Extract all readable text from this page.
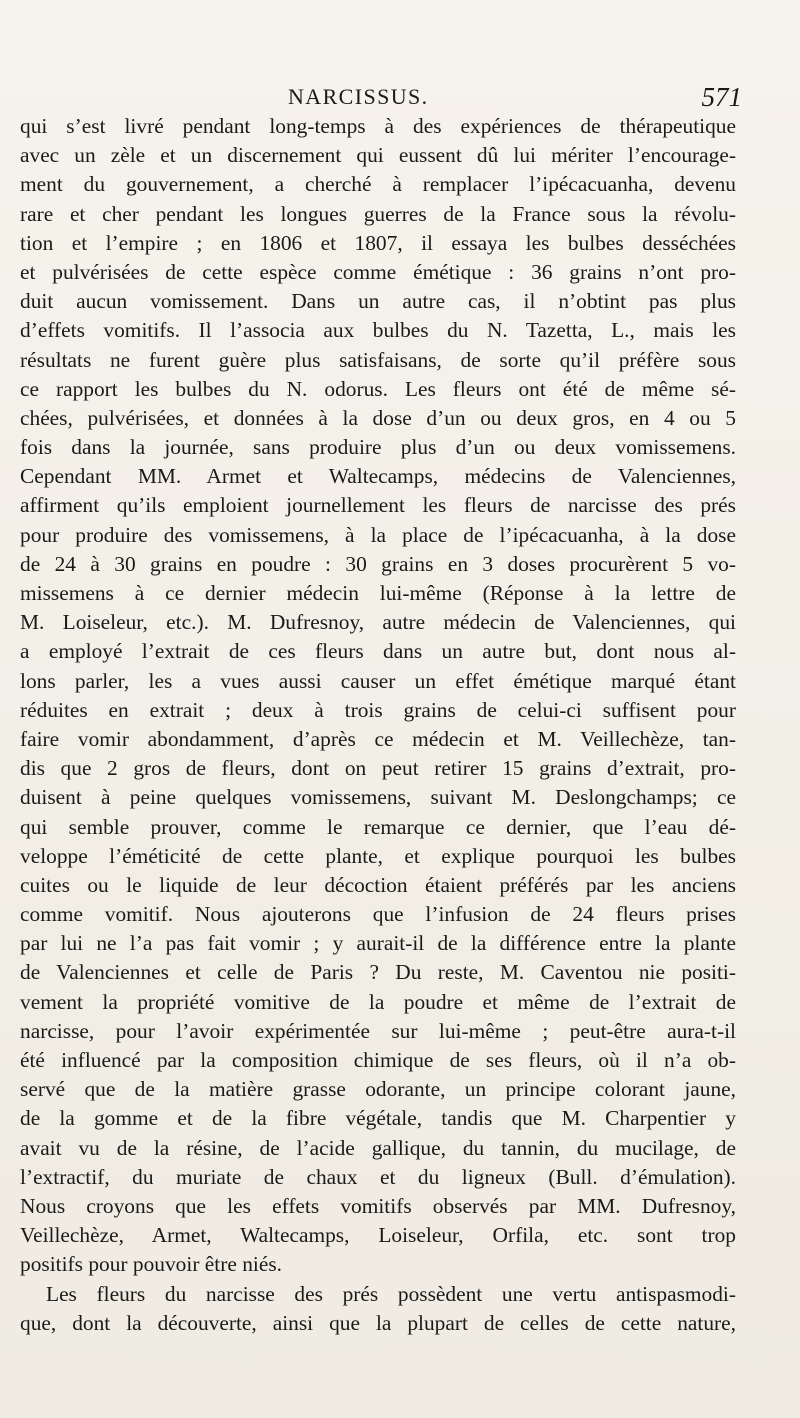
NARCISSUS.	571
qui s’est livré pendant long-temps à des expériences de thérapeutique
avec un zèle et un discernement qui eussent dû lui mériter l’encourage-
ment du gouvernement, a cherché à remplacer l’ipécacuanha, devenu
rare et cher pendant les longues guerres de la France sous la révolu-
tion et l’empire ; en 1806 et 1807, il essaya les bulbes desséchées
et pulvérisées de cette espèce comme émétique : 36 grains n’ont pro-
duit aucun vomissement. Dans un autre cas, il n’obtint pas plus
d’effets vomitifs. Il l’associa aux bulbes du N. Tazetta, L., mais les
résultats ne furent guère plus satisfaisans, de sorte qu’il préfère sous
ce rapport les bulbes du N. odorus. Les fleurs ont été de même sé-
chées, pulvérisées, et données à la dose d’un ou deux gros, en 4 ou 5
fois dans la journée, sans produire plus d’un ou deux vomissemens.
Cependant MM. Armet et Waltecamps, médecins de Valenciennes,
affirment qu’ils emploient journellement les fleurs de narcisse des prés
pour produire des vomissemens, à la place de l’ipécacuanha, à la dose
de 24 à 30 grains en poudre : 30 grains en 3 doses procurèrent 5 vo-
missemens à ce dernier médecin lui-même (Réponse à la lettre de
M. Loiseleur, etc.). M. Dufresnoy, autre médecin de Valenciennes, qui
a employé l’extrait de ces fleurs dans un autre but, dont nous al-
lons parler, les a vues aussi causer un effet émétique marqué étant
réduites en extrait ; deux à trois grains de celui-ci suffisent pour
faire vomir abondamment, d’après ce médecin et M. Veillechèze, tan-
dis que 2 gros de fleurs, dont on peut retirer 15 grains d’extrait, pro-
duisent à peine quelques vomissemens, suivant M. Deslongchamps; ce
qui semble prouver, comme le remarque ce dernier, que l’eau dé-
veloppe l’éméticité de cette plante, et explique pourquoi les bulbes
cuites ou le liquide de leur décoction étaient préférés par les anciens
comme vomitif. Nous ajouterons que l’infusion de 24 fleurs prises
par lui ne l’a pas fait vomir ; y aurait-il de la différence entre la plante
de Valenciennes et celle de Paris ? Du reste, M. Caventou nie positi-
vement la propriété vomitive de la poudre et même de l’extrait de
narcisse, pour l’avoir expérimentée sur lui-même ; peut-être aura-t-il
été influencé par la composition chimique de ses fleurs, où il n’a ob-
servé que de la matière grasse odorante, un principe colorant jaune,
de la gomme et de la fibre végétale, tandis que M. Charpentier y
avait vu de la résine, de l’acide gallique, du tannin, du mucilage, de
l’extractif, du muriate de chaux et du ligneux (Bull. d’émulation).
Nous croyons que les effets vomitifs observés par MM. Dufresnoy,
Veillechèze, Armet, Waltecamps, Loiseleur, Orfila, etc. sont trop
positifs pour pouvoir être niés.
Les fleurs du narcisse des prés possèdent une vertu antispasmodi-
que, dont la découverte, ainsi que la plupart de celles de cette nature,
